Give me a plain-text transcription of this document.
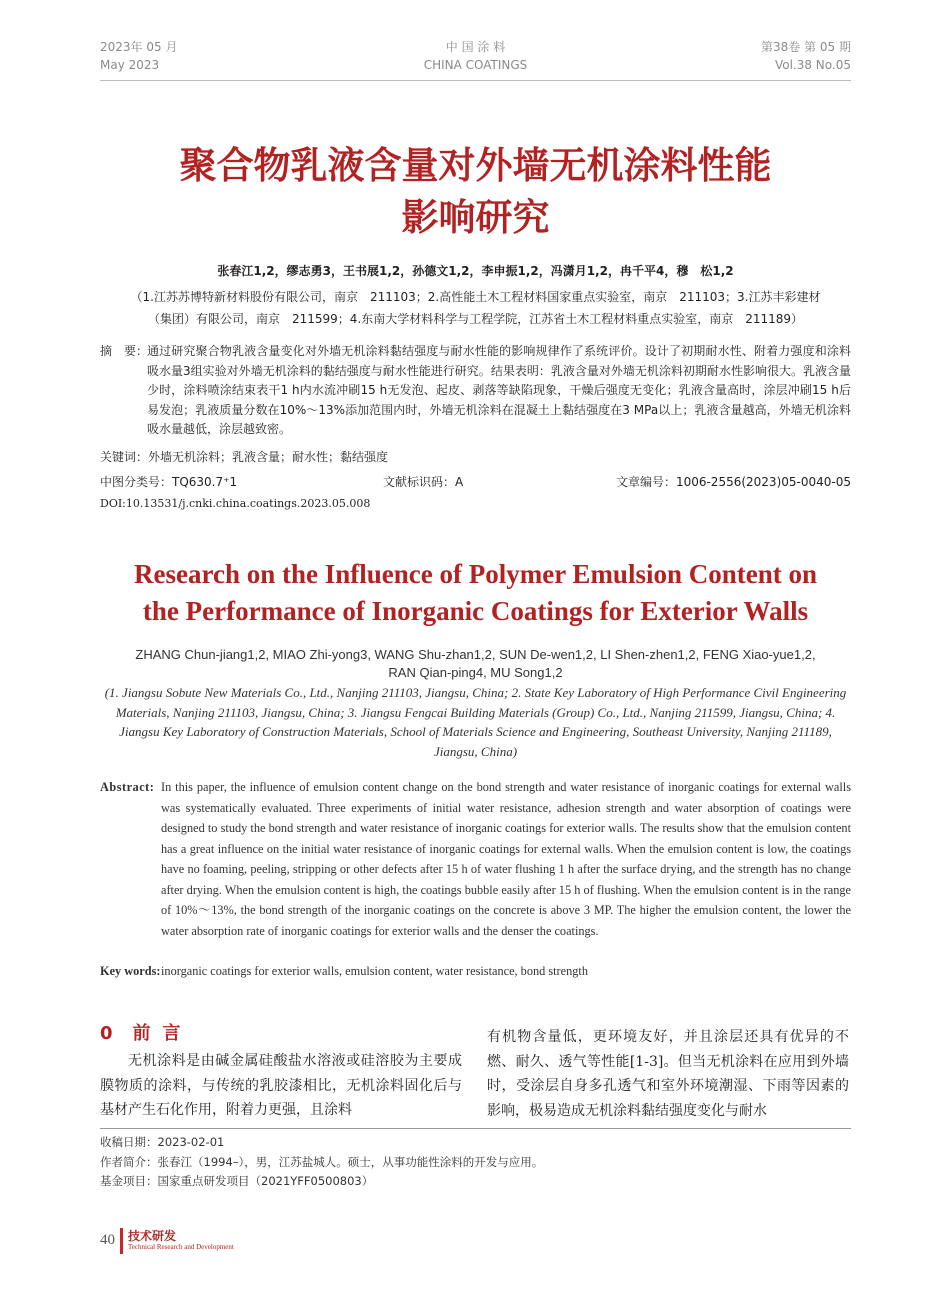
2023年 05 月
May 2023
中 国 涂 料
CHINA COATINGS
第38卷 第 05 期
Vol.38 No.05
聚合物乳液含量对外墙无机涂料性能
影响研究
张春江1,2，缪志勇3，王书展1,2，孙德文1,2，李申振1,2，冯潇月1,2，冉千平4，穆　松1,2
（1.江苏苏博特新材料股份有限公司，南京　211103；2.高性能土木工程材料国家重点实验室，南京　211103；3.江苏丰彩建材
（集团）有限公司，南京　211599；4.东南大学材料科学与工程学院，江苏省土木工程材料重点实验室，南京　211189）
摘　要：
通过研究聚合物乳液含量变化对外墙无机涂料黏结强度与耐水性能的影响规律作了系统评价。设计了初期耐水性、附着力强度和涂料吸水量3组实验对外墙无机涂料的黏结强度与耐水性能进行研究。结果表明：乳液含量对外墙无机涂料初期耐水性影响很大。乳液含量少时，涂料喷涂结束表干1 h内水流冲刷15 h无发泡、起皮、剥落等缺陷现象，干燥后强度无变化；乳液含量高时，涂层冲刷15 h后易发泡；乳液质量分数在10%～13%添加范围内时，外墙无机涂料在混凝土上黏结强度在3 MPa以上；乳液含量越高，外墙无机涂料吸水量越低，涂层越致密。
关键词：外墙无机涂料；乳液含量；耐水性；黏结强度
中图分类号：TQ630.7⁺1	文献标识码：A	文章编号：1006-2556(2023)05-0040-05
DOI:10.13531/j.cnki.china.coatings.2023.05.008
Research on the Influence of Polymer Emulsion Content on
the Performance of Inorganic Coatings for Exterior Walls
ZHANG Chun-jiang1,2, MIAO Zhi-yong3, WANG Shu-zhan1,2, SUN De-wen1,2, LI Shen-zhen1,2, FENG Xiao-yue1,2,
RAN Qian-ping4, MU Song1,2
(1. Jiangsu Sobute New Materials Co., Ltd., Nanjing 211103, Jiangsu, China; 2. State Key Laboratory of High Performance Civil Engineering Materials, Nanjing 211103, Jiangsu, China; 3. Jiangsu Fengcai Building Materials (Group) Co., Ltd., Nanjing 211599, Jiangsu, China; 4. Jiangsu Key Laboratory of Construction Materials, School of Materials Science and Engineering, Southeast University, Nanjing 211189, Jiangsu, China)
Abstract: In this paper, the influence of emulsion content change on the bond strength and water resistance of inorganic coatings for external walls was systematically evaluated. Three experiments of initial water resistance, adhesion strength and water absorption of coatings were designed to study the bond strength and water resistance of inorganic coatings for exterior walls. The results show that the emulsion content has a great influence on the initial water resistance of inorganic coatings for external walls. When the emulsion content is low, the coatings have no foaming, peeling, stripping or other defects after 15 h of water flushing 1 h after the surface drying, and the strength has no change after drying. When the emulsion content is high, the coatings bubble easily after 15 h of flushing. When the emulsion content is in the range of 10%～13%, the bond strength of the inorganic coatings on the concrete is above 3 MP. The higher the emulsion content, the lower the water absorption rate of inorganic coatings for exterior walls and the denser the coatings.
Key words: inorganic coatings for exterior walls, emulsion content, water resistance, bond strength
0 前言
无机涂料是由碱金属硅酸盐水溶液或硅溶胶为主要成膜物质的涂料，与传统的乳胶漆相比，无机涂料固化后与基材产生石化作用，附着力更强，且涂料
有机物含量低，更环境友好，并且涂层还具有优异的不燃、耐久、透气等性能[1-3]。但当无机涂料在应用到外墙时，受涂层自身多孔透气和室外环境潮湿、下雨等因素的影响，极易造成无机涂料黏结强度变化与耐水
收稿日期：2023-02-01
作者简介：张春江（1994–），男，江苏盐城人。硕士，从事功能性涂料的开发与应用。
基金项目：国家重点研发项目（2021YFF0500803）
40 技术研发
Technical Research and Development
